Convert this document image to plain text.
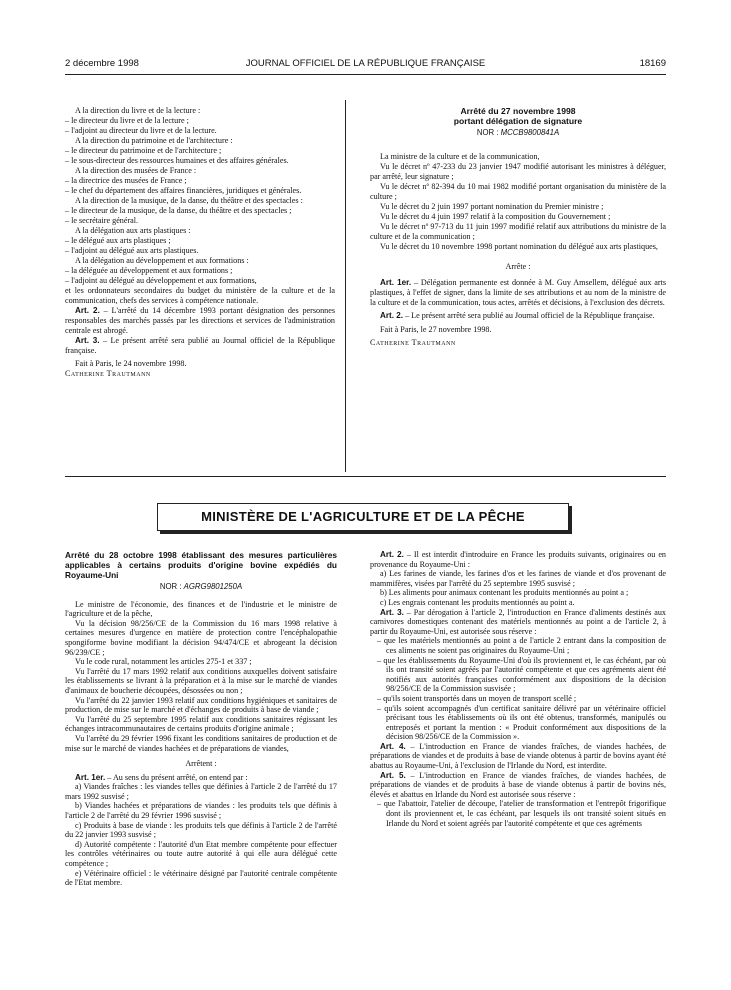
2 décembre 1998	JOURNAL OFFICIEL DE LA RÉPUBLIQUE FRANÇAISE	18169

A la direction du livre et de la lecture :

– le directeur du livre et de la lecture ;

– l'adjoint au directeur du livre et de la lecture.

A la direction du patrimoine et de l'architecture :

– le directeur du patrimoine et de l'architecture ;

– le sous-directeur des ressources humaines et des affaires générales.

A la direction des musées de France :

– la directrice des musées de France ;

– le chef du département des affaires financières, juridiques et générales.

A la direction de la musique, de la danse, du théâtre et des spectacles :

– le directeur de la musique, de la danse, du théâtre et des spectacles ;

– le secrétaire général.

A la délégation aux arts plastiques :

– le délégué aux arts plastiques ;

– l'adjoint au délégué aux arts plastiques.

A la délégation au développement et aux formations :

– la déléguée au développement et aux formations ;

– l'adjoint au délégué au développement et aux formations,

et les ordonnateurs secondaires du budget du ministère de la culture et de la communication, chefs des services à compétence nationale.

Art. 2. – L'arrêté du 14 décembre 1993 portant désignation des personnes responsables des marchés passés par les directions et services de l'administration centrale est abrogé.

Art. 3. – Le présent arrêté sera publié au Journal officiel de la République française.

Fait à Paris, le 24 novembre 1998.

Catherine Trautmann

Arrêté du 27 novembre 1998
portant délégation de signature
NOR : MCCB9800841A

La ministre de la culture et de la communication,

Vu le décret nº 47-233 du 23 janvier 1947 modifié autorisant les ministres à déléguer, par arrêté, leur signature ;

Vu le décret nº 82-394 du 10 mai 1982 modifié portant organisation du ministère de la culture ;

Vu le décret du 2 juin 1997 portant nomination du Premier ministre ;

Vu le décret du 4 juin 1997 relatif à la composition du Gouvernement ;

Vu le décret nº 97-713 du 11 juin 1997 modifié relatif aux attributions du ministre de la culture et de la communication ;

Vu le décret du 10 novembre 1998 portant nomination du délégué aux arts plastiques,

Arrête :

Art. 1er. – Délégation permanente est donnée à M. Guy Amsellem, délégué aux arts plastiques, à l'effet de signer, dans la limite de ses attributions et au nom de la ministre de la culture et de la communication, tous actes, arrêtés et décisions, à l'exclusion des décrets.

Art. 2. – Le présent arrêté sera publié au Journal officiel de la République française.

Fait à Paris, le 27 novembre 1998.

Catherine Trautmann

MINISTÈRE DE L'AGRICULTURE ET DE LA PÊCHE

Arrêté du 28 octobre 1998 établissant des mesures particulières applicables à certains produits d'origine bovine expédiés du Royaume-Uni

NOR : AGRG9801250A

Le ministre de l'économie, des finances et de l'industrie et le ministre de l'agriculture et de la pêche,

Vu la décision 98/256/CE de la Commission du 16 mars 1998 relative à certaines mesures d'urgence en matière de protection contre l'encéphalopathie spongiforme bovine modifiant la décision 94/474/CE et abrogeant la décision 96/239/CE ;

Vu le code rural, notamment les articles 275-1 et 337 ;

Vu l'arrêté du 17 mars 1992 relatif aux conditions auxquelles doivent satisfaire les établissements se livrant à la préparation et à la mise sur le marché de viandes d'animaux de boucherie découpées, désossées ou non ;

Vu l'arrêté du 22 janvier 1993 relatif aux conditions hygiéniques et sanitaires de production, de mise sur le marché et d'échanges de produits à base de viande ;

Vu l'arrêté du 25 septembre 1995 relatif aux conditions sanitaires régissant les échanges intracommunautaires de certains produits d'origine animale ;

Vu l'arrêté du 29 février 1996 fixant les conditions sanitaires de production et de mise sur le marché de viandes hachées et de préparations de viandes,

Arrêtent :

Art. 1er. – Au sens du présent arrêté, on entend par :

a) Viandes fraîches : les viandes telles que définies à l'article 2 de l'arrêté du 17 mars 1992 susvisé ;

b) Viandes hachées et préparations de viandes : les produits tels que définis à l'article 2 de l'arrêté du 29 février 1996 susvisé ;

c) Produits à base de viande : les produits tels que définis à l'article 2 de l'arrêté du 22 janvier 1993 susvisé ;

d) Autorité compétente : l'autorité d'un Etat membre compétente pour effectuer les contrôles vétérinaires ou toute autre autorité à qui elle aura délégué cette compétence ;

e) Vétérinaire officiel : le vétérinaire désigné par l'autorité centrale compétente de l'Etat membre.

Art. 2. – Il est interdit d'introduire en France les produits suivants, originaires ou en provenance du Royaume-Uni :

a) Les farines de viande, les farines d'os et les farines de viande et d'os provenant de mammifères, visées par l'arrêté du 25 septembre 1995 susvisé ;

b) Les aliments pour animaux contenant les produits mentionnés au point a ;

c) Les engrais contenant les produits mentionnés au point a.

Art. 3. – Par dérogation à l'article 2, l'introduction en France d'aliments destinés aux carnivores domestiques contenant des matériels mentionnés au point a de l'article 2, à partir du Royaume-Uni, est autorisée sous réserve :

– que les matériels mentionnés au point a de l'article 2 entrant dans la composition de ces aliments ne soient pas originaires du Royaume-Uni ;

– que les établissements du Royaume-Uni d'où ils proviennent et, le cas échéant, par où ils ont transité soient agréés par l'autorité compétente et que ces agréments aient été notifiés aux autorités françaises conformément aux dispositions de la décision 98/256/CE de la Commission susvisée ;

– qu'ils soient transportés dans un moyen de transport scellé ;

– qu'ils soient accompagnés d'un certificat sanitaire délivré par un vétérinaire officiel précisant tous les établissements où ils ont été obtenus, transformés, manipulés ou entreposés et portant la mention : « Produit conformément aux dispositions de la décision 98/256/CE de la Commission ».

Art. 4. – L'introduction en France de viandes fraîches, de viandes hachées, de préparations de viandes et de produits à base de viande obtenus à partir de bovins ayant été abattus au Royaume-Uni, à l'exclusion de l'Irlande du Nord, est interdite.

Art. 5. – L'introduction en France de viandes fraîches, de viandes hachées, de préparations de viandes et de produits à base de viande obtenus à partir de bovins nés, élevés et abattus en Irlande du Nord est autorisée sous réserve :

– que l'abattoir, l'atelier de découpe, l'atelier de transformation et l'entrepôt frigorifique dont ils proviennent et, le cas échéant, par lesquels ils ont transité soient situés en Irlande du Nord et soient agréés par l'autorité compétente et que ces agréments
